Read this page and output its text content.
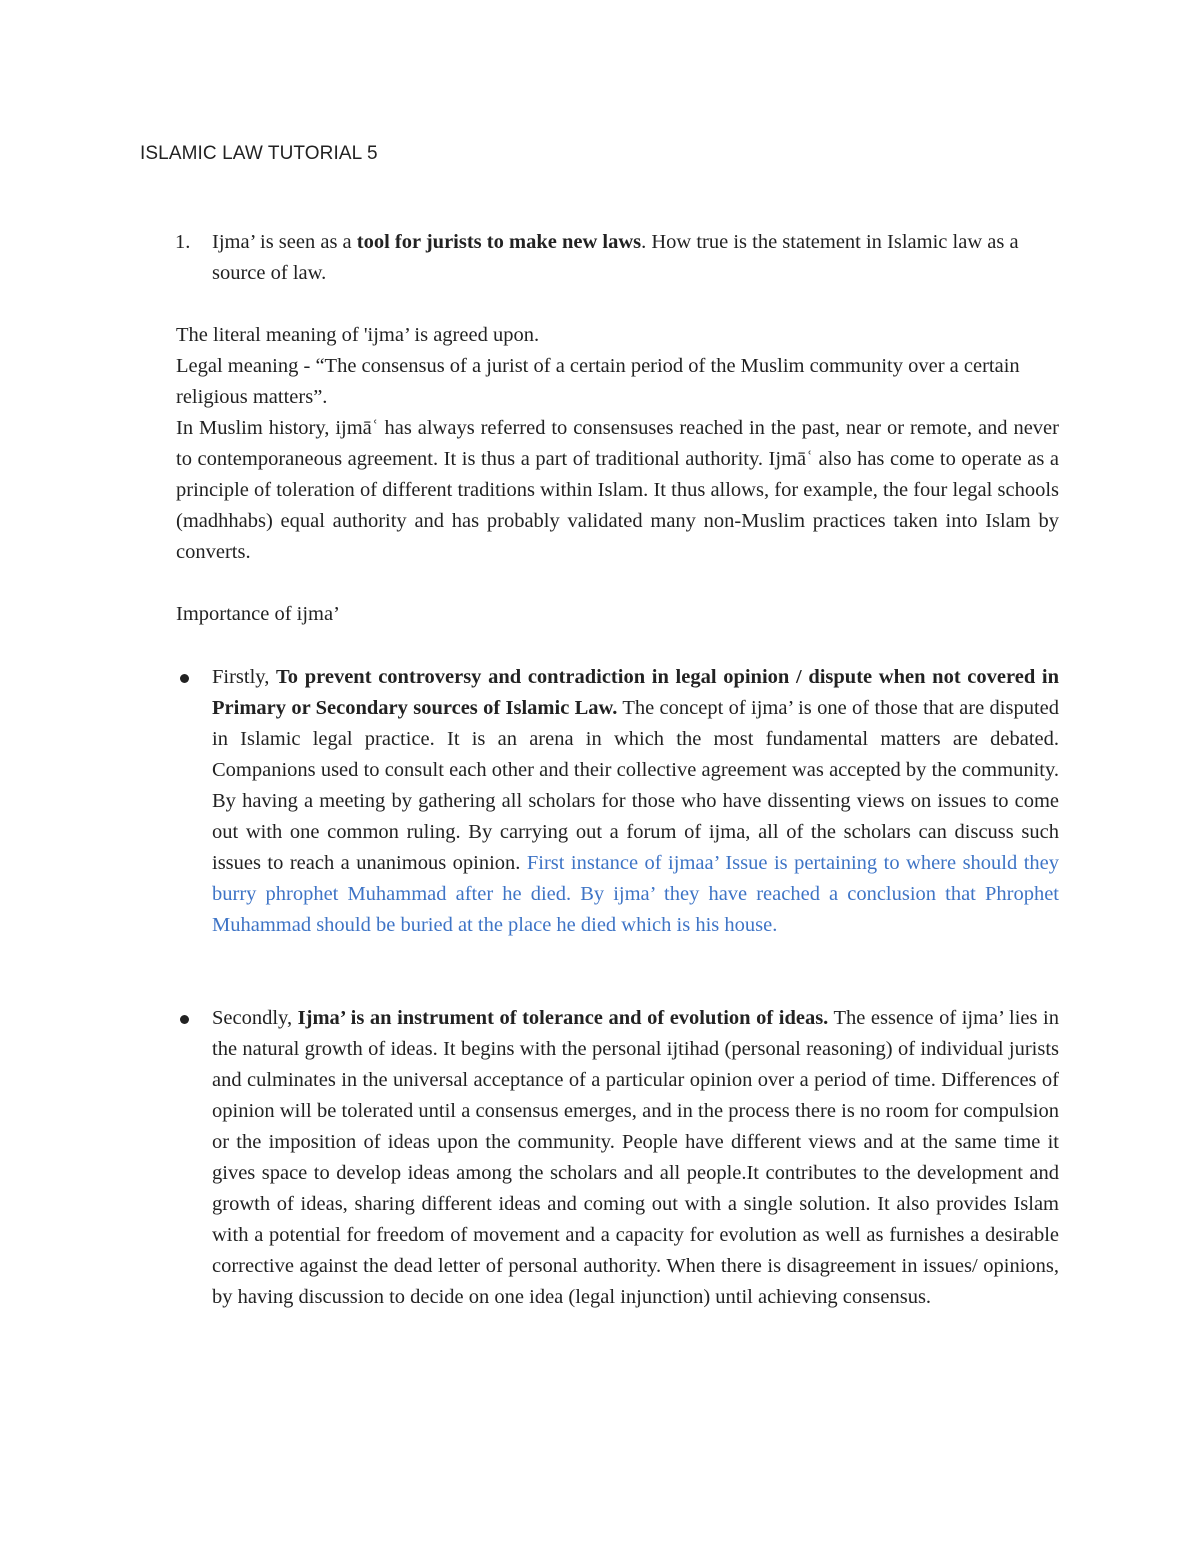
ISLAMIC LAW TUTORIAL 5
1. Ijma’ is seen as a tool for jurists to make new laws. How true is the statement in Islamic law as a source of law.

The literal meaning of 'ijma’ is agreed upon.

Legal meaning - “The consensus of a jurist of a certain period of the Muslim community over a certain religious matters”.

In Muslim history, ijmāʿ has always referred to consensuses reached in the past, near or remote, and never to contemporaneous agreement. It is thus a part of traditional authority. Ijmāʿ also has come to operate as a principle of toleration of different traditions within Islam. It thus allows, for example, the four legal schools (madhhabs) equal authority and has probably validated many non-Muslim practices taken into Islam by converts.

Importance of ijma’
Firstly, To prevent controversy and contradiction in legal opinion / dispute when not covered in Primary or Secondary sources of Islamic Law. The concept of ijma’ is one of those that are disputed in Islamic legal practice. It is an arena in which the most fundamental matters are debated. Companions used to consult each other and their collective agreement was accepted by the community. By having a meeting by gathering all scholars for those who have dissenting views on issues to come out with one common ruling. By carrying out a forum of ijma, all of the scholars can discuss such issues to reach a unanimous opinion. First instance of ijmaa’ Issue is pertaining to where should they burry phrophet Muhammad after he died. By ijma’ they have reached a conclusion that Phrophet Muhammad should be buried at the place he died which is his house.
Secondly, Ijma’ is an instrument of tolerance and of evolution of ideas. The essence of ijma’ lies in the natural growth of ideas. It begins with the personal ijtihad (personal reasoning) of individual jurists and culminates in the universal acceptance of a particular opinion over a period of time. Differences of opinion will be tolerated until a consensus emerges, and in the process there is no room for compulsion or the imposition of ideas upon the community. People have different views and at the same time it gives space to develop ideas among the scholars and all people.It contributes to the development and growth of ideas, sharing different ideas and coming out with a single solution. It also provides Islam with a potential for freedom of movement and a capacity for evolution as well as furnishes a desirable corrective against the dead letter of personal authority. When there is disagreement in issues/ opinions, by having discussion to decide on one idea (legal injunction) until achieving consensus.
